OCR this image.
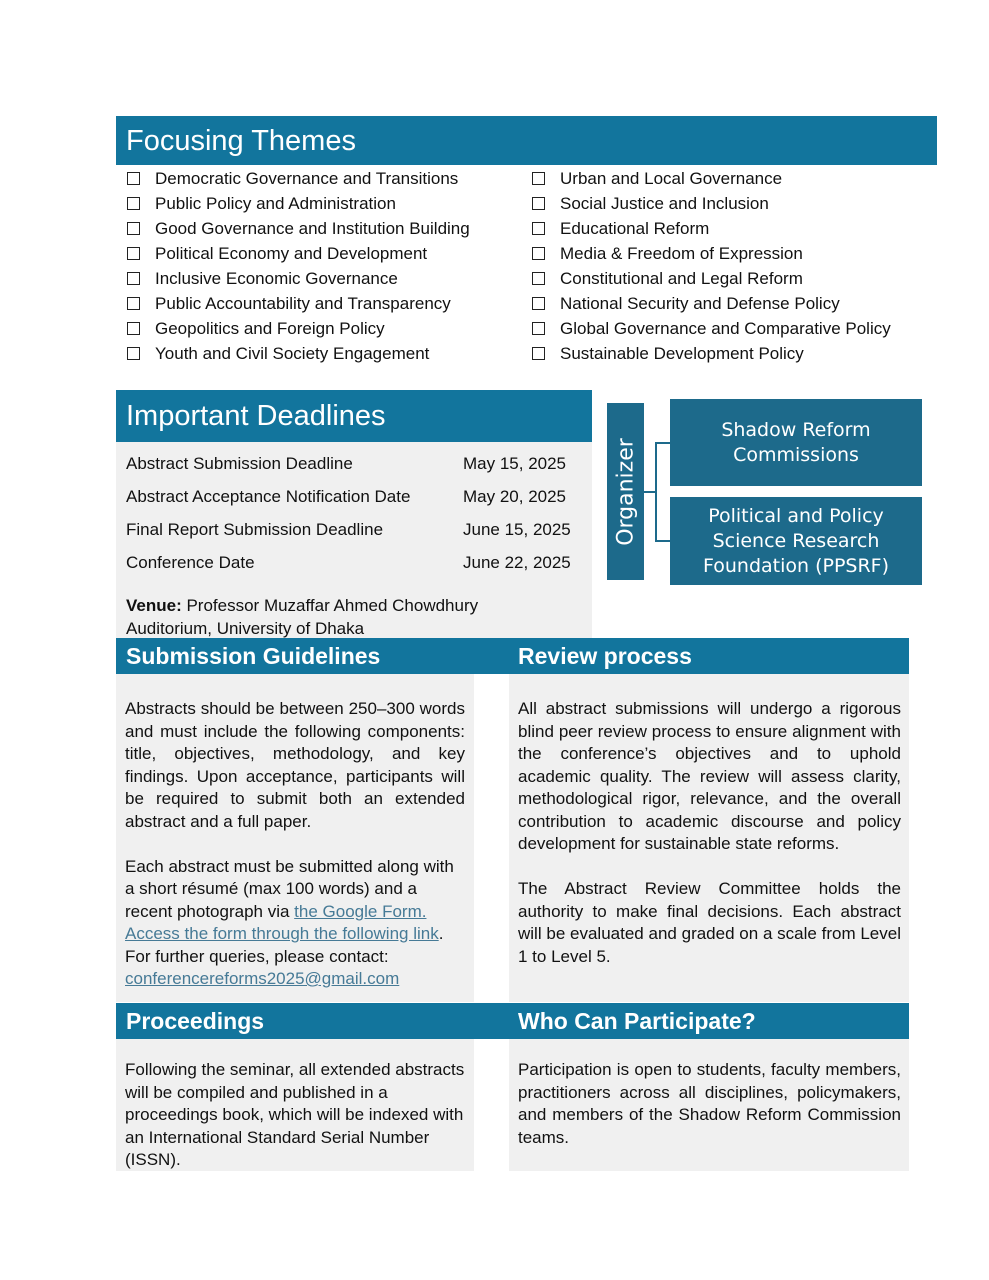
Focusing Themes
Democratic Governance and Transitions
Public Policy and Administration
Good Governance and Institution Building
Political Economy and Development
Inclusive Economic Governance
Public Accountability and Transparency
Geopolitics and Foreign Policy
Youth and Civil Society Engagement
Urban and Local Governance
Social Justice and Inclusion
Educational Reform
Media & Freedom of Expression
Constitutional and Legal Reform
National Security and Defense Policy
Global Governance and Comparative Policy
Sustainable Development Policy
Important Deadlines
Abstract Submission Deadline	May 15, 2025
Abstract Acceptance Notification Date	May 20, 2025
Final Report Submission Deadline	June 15, 2025
Conference Date	June 22, 2025
Venue: Professor Muzaffar Ahmed Chowdhury Auditorium, University of Dhaka
Organizer
Shadow Reform Commissions
Political and Policy Science Research Foundation (PPSRF)
Submission Guidelines	Review process
Proceedings	Who Can Participate?

Abstracts should be between 250–300 words and must include the following components: title, objectives, methodology, and key findings. Upon acceptance, participants will be required to submit both an extended abstract and a full paper.

Each abstract must be submitted along with a short résumé (max 100 words) and a recent photograph via the Google Form. Access the form through the following link. For further queries, please contact: conferencereforms2025@gmail.com

All abstract submissions will undergo a rigorous blind peer review process to ensure alignment with the conference’s objectives and to uphold academic quality. The review will assess clarity, methodological rigor, relevance, and the overall contribution to academic discourse and policy development for sustainable state reforms.

The Abstract Review Committee holds the authority to make final decisions. Each abstract will be evaluated and graded on a scale from Level 1 to Level 5.

Following the seminar, all extended abstracts will be compiled and published in a proceedings book, which will be indexed with an International Standard Serial Number (ISSN).

Participation is open to students, faculty members, practitioners across all disciplines, policymakers, and members of the Shadow Reform Commission teams.
